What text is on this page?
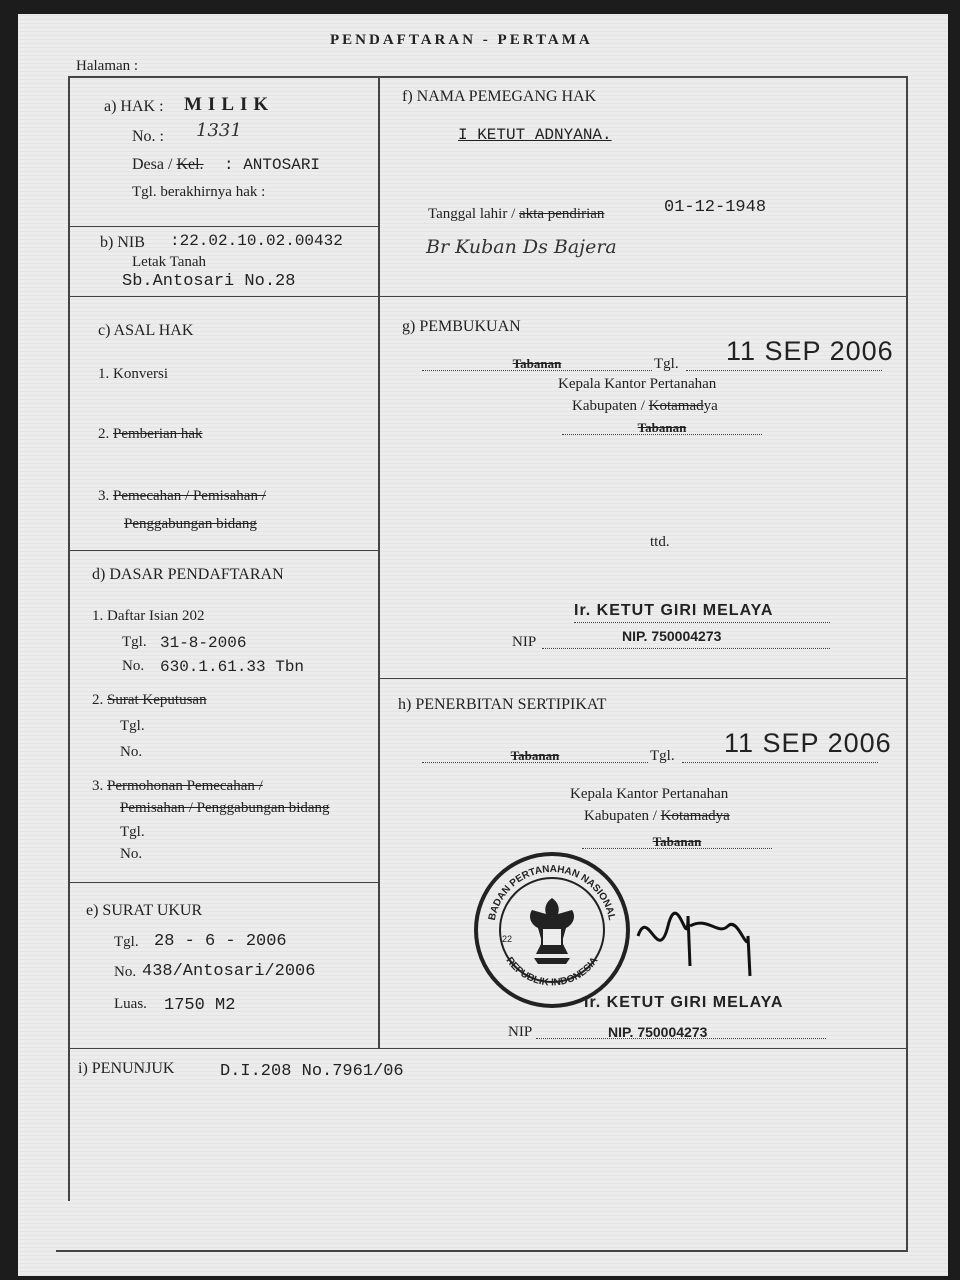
PENDAFTARAN - PERTAMA
Halaman :
a) HAK : MILIK
No. : 1331
Desa / Kel. : ANTOSARI
Tgl. berakhirnya hak :
b) NIB :22.02.10.02.00432
Letak Tanah
Sb.Antosari No.28
f) NAMA PEMEGANG HAK
I KETUT ADNYANA.
Tanggal lahir / akta pendirian	01-12-1948
Br Kuban Ds Bajera
c) ASAL HAK
1. Konversi
2. Pemberian hak
3. Pemecahan / Pemisahan /
Penggabungan bidang
g) PEMBUKUAN
Tabanan	Tgl. 11 SEP 2006
Kepala Kantor Pertanahan
Kabupaten / Kotamadya
Tabanan
ttd.
Ir. KETUT GIRI MELAYA
NIP	NIP. 750004273
d) DASAR PENDAFTARAN
1. Daftar Isian 202
Tgl. 31-8-2006
No. 630.1.61.33 Tbn
2. Surat Keputusan
Tgl.
No.
3. Permohonan Pemecahan /
Pemisahan / Penggabungan bidang
Tgl.
No.
h) PENERBITAN SERTIPIKAT
Tabanan	Tgl. 11 SEP 2006
Kepala Kantor Pertanahan
Kabupaten / Kotamadya
Tabanan
Ir. KETUT GIRI MELAYA
NIP	NIP. 750004273
BADAN PERTANAHAN NASIONAL
REPUBLIK INDONESIA
22
e) SURAT UKUR
Tgl. 28 - 6 - 2006
No. 438/Antosari/2006
Luas. 1750 M2
i) PENUNJUK	D.I.208 No.7961/06
